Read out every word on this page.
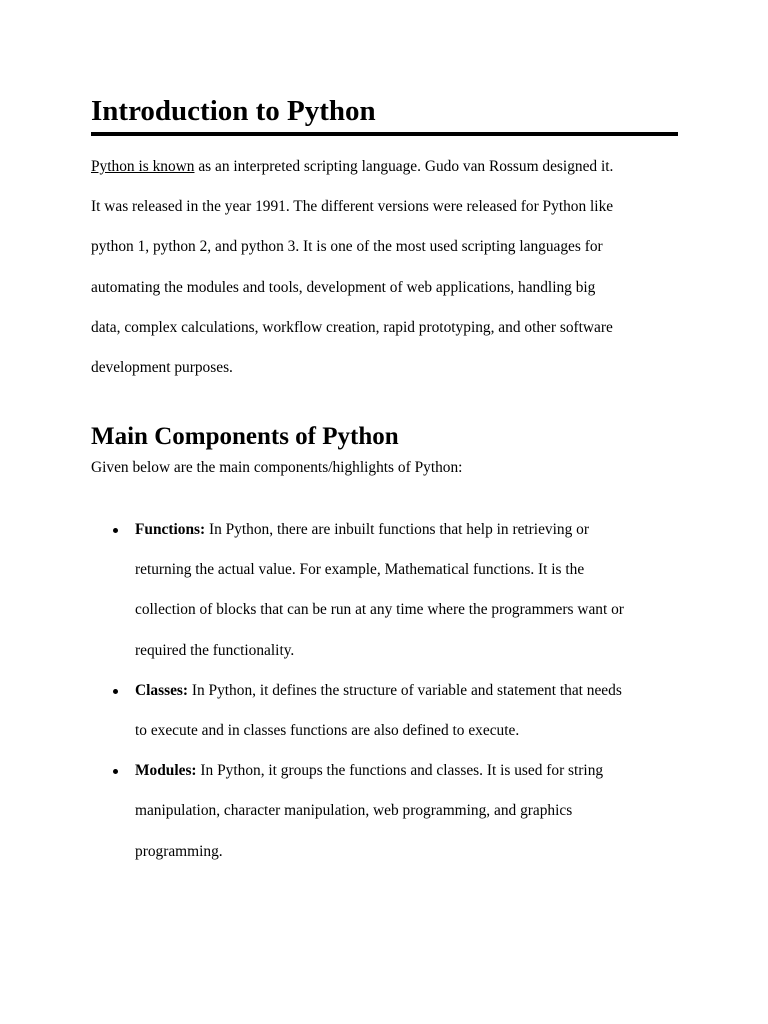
Introduction to Python

Python is known as an interpreted scripting language. Gudo van Rossum designed it.
It was released in the year 1991. The different versions were released for Python like
python 1, python 2, and python 3. It is one of the most used scripting languages for
automating the modules and tools, development of web applications, handling big
data, complex calculations, workflow creation, rapid prototyping, and other software
development purposes.

Main Components of Python

Given below are the main components/highlights of Python:

Functions: In Python, there are inbuilt functions that help in retrieving or
returning the actual value. For example, Mathematical functions. It is the
collection of blocks that can be run at any time where the programmers want or
required the functionality.
Classes: In Python, it defines the structure of variable and statement that needs
to execute and in classes functions are also defined to execute.
Modules: In Python, it groups the functions and classes. It is used for string
manipulation, character manipulation, web programming, and graphics
programming.
